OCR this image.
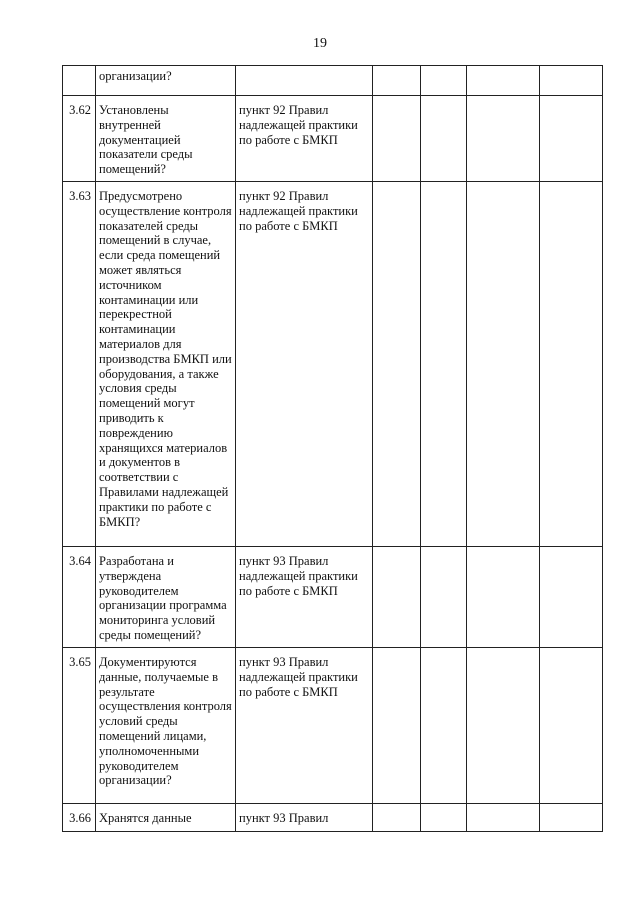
19
	организации?					
3.62	Установлены внутренней документацией показатели среды помещений?	пункт 92 Правил надлежащей практики по работе с БМКП				
3.63	Предусмотрено осуществление контроля показателей среды помещений в случае, если среда помещений может являться источником контаминации или перекрестной контаминации материалов для производства БМКП или оборудования, а также условия среды помещений могут приводить к повреждению хранящихся материалов и документов в соответствии с Правилами надлежащей практики по работе с БМКП?	пункт 92 Правил надлежащей практики по работе с БМКП				
3.64	Разработана и утверждена руководителем организации программа мониторинга условий среды помещений?	пункт 93 Правил надлежащей практики по работе с БМКП				
3.65	Документируются данные, получаемые в результате осуществления контроля условий среды помещений лицами, уполномоченными руководителем организации?	пункт 93 Правил надлежащей практики по работе с БМКП				
3.66	Хранятся данные	пункт 93 Правил				
